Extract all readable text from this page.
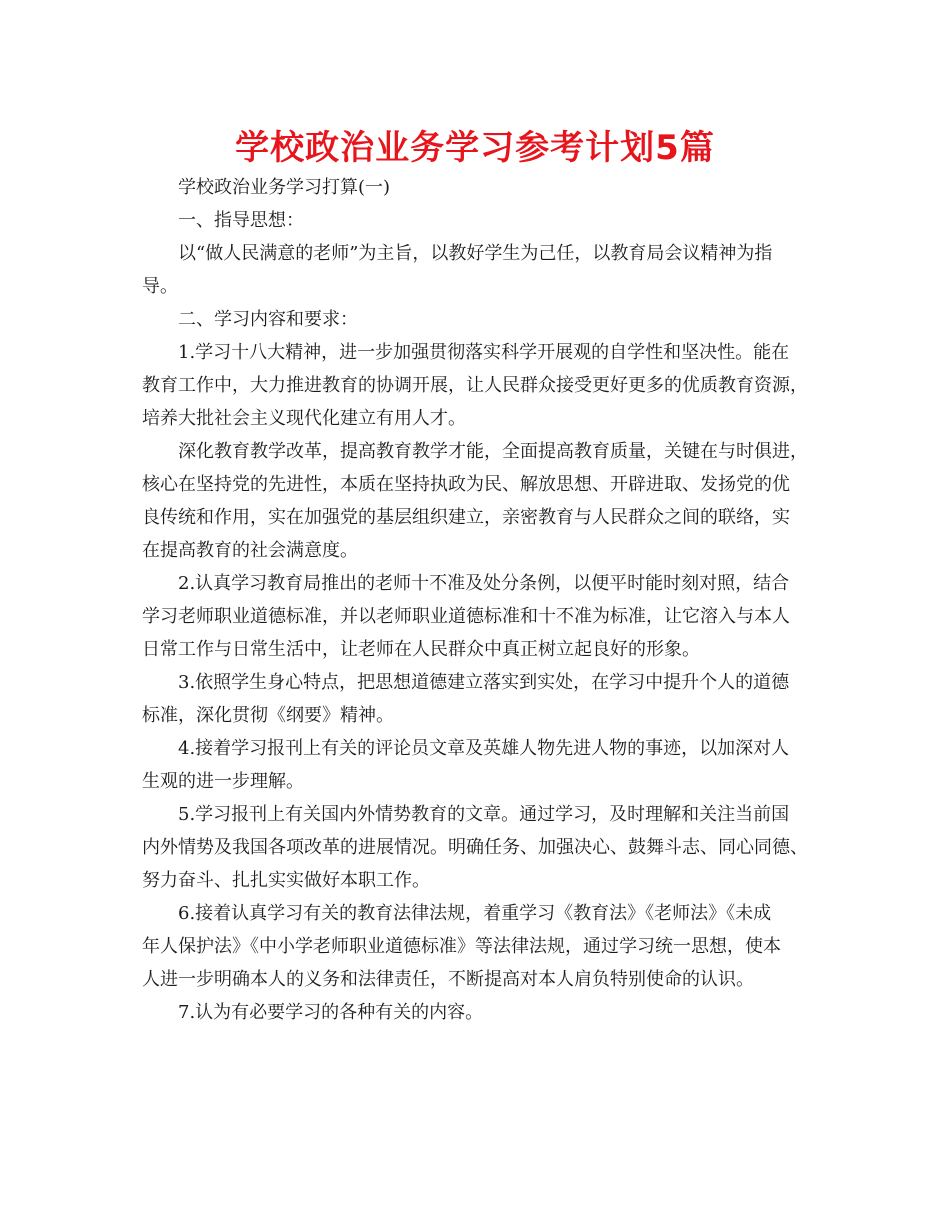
学校政治业务学习参考计划5篇
学校政治业务学习打算(一)
一、指导思想：
以“做人民满意的老师”为主旨，以教好学生为己任，以教育局会议精神为指
导。
二、学习内容和要求：
1.学习十八大精神，进一步加强贯彻落实科学开展观的自学性和坚决性。能在
教育工作中，大力推进教育的协调开展，让人民群众接受更好更多的优质教育资源，
培养大批社会主义现代化建立有用人才。
深化教育教学改革，提高教育教学才能，全面提高教育质量，关键在与时俱进，
核心在坚持党的先进性，本质在坚持执政为民、解放思想、开辟进取、发扬党的优
良传统和作用，实在加强党的基层组织建立，亲密教育与人民群众之间的联络，实
在提高教育的社会满意度。
2.认真学习教育局推出的老师十不准及处分条例，以便平时能时刻对照，结合
学习老师职业道德标准，并以老师职业道德标准和十不准为标准，让它溶入与本人
日常工作与日常生活中，让老师在人民群众中真正树立起良好的形象。
3.依照学生身心特点，把思想道德建立落实到实处，在学习中提升个人的道德
标准，深化贯彻《纲要》精神。
4.接着学习报刊上有关的评论员文章及英雄人物先进人物的事迹，以加深对人
生观的进一步理解。
5.学习报刊上有关国内外情势教育的文章。通过学习，及时理解和关注当前国
内外情势及我国各项改革的进展情况。明确任务、加强决心、鼓舞斗志、同心同德、
努力奋斗、扎扎实实做好本职工作。
6.接着认真学习有关的教育法律法规，着重学习《教育法》《老师法》《未成
年人保护法》《中小学老师职业道德标准》等法律法规，通过学习统一思想，使本
人进一步明确本人的义务和法律责任，不断提高对本人肩负特别使命的认识。
7.认为有必要学习的各种有关的内容。
